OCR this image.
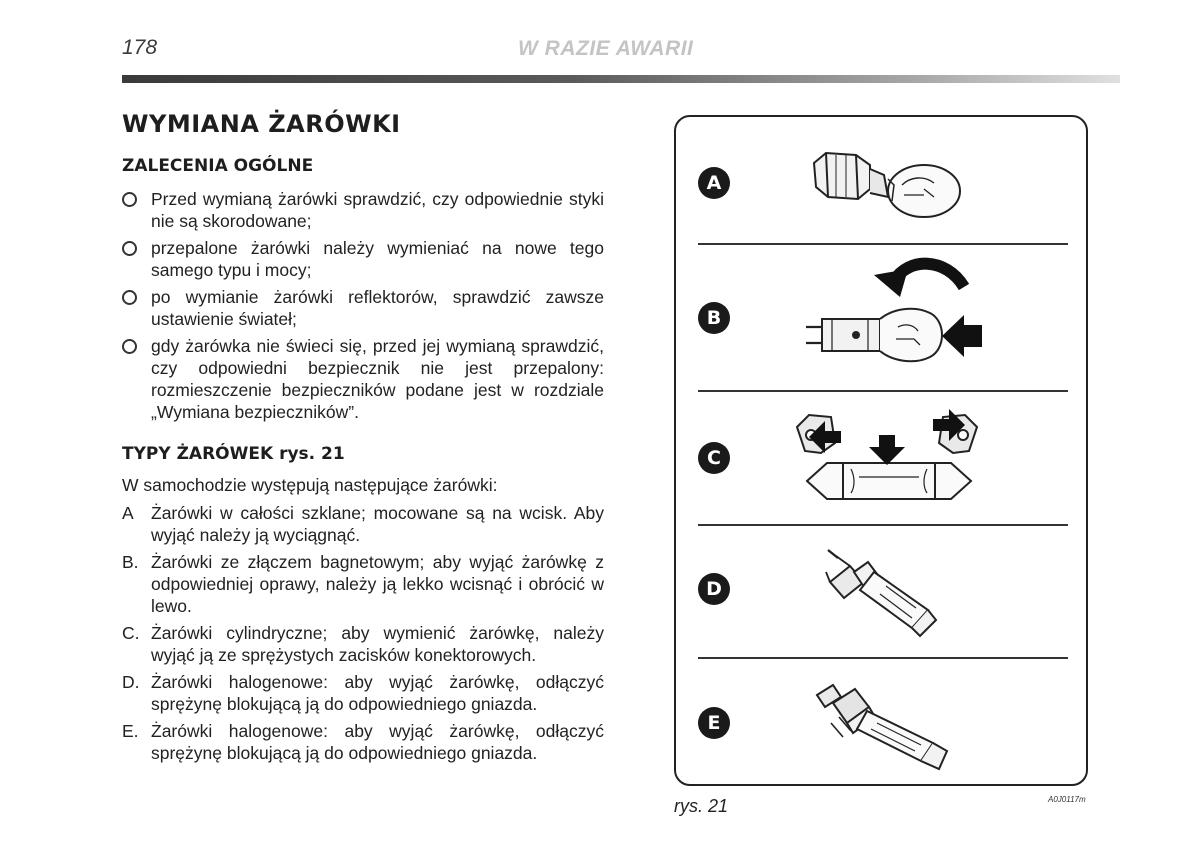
178	W RAZIE AWARII
WYMIANA ŻARÓWKI
ZALECENIA OGÓLNE
Przed wymianą żarówki sprawdzić, czy odpowiednie styki nie są skorodowane;
przepalone żarówki należy wymieniać na nowe tego samego typu i mocy;
po wymianie żarówki reflektorów, sprawdzić zawsze ustawienie świateł;
gdy żarówka nie świeci się, przed jej wymianą sprawdzić, czy odpowiedni bezpiecznik nie jest przepalony: rozmieszczenie bezpieczników podane jest w rozdziale „Wymiana bezpieczników”.
TYPY ŻARÓWEK rys. 21
W samochodzie występują następujące żarówki:
A Żarówki w całości szklane; mocowane są na wcisk. Aby wyjąć należy ją wyciągnąć.
B. Żarówki ze złączem bagnetowym; aby wyjąć żarówkę z odpowiedniej oprawy, należy ją lekko wcisnąć i obrócić w lewo.
C. Żarówki cylindryczne; aby wymienić żarówkę, należy wyjąć ją ze sprężystych zacisków konektorowych.
D. Żarówki halogenowe: aby wyjąć żarówkę, odłączyć sprężynę blokującą ją do odpowiedniego gniazda.
E. Żarówki halogenowe: aby wyjąć żarówkę, odłączyć sprężynę blokującą ją do odpowiedniego gniazda.
A
B
C
D
E
rys. 21	A0J0117m
